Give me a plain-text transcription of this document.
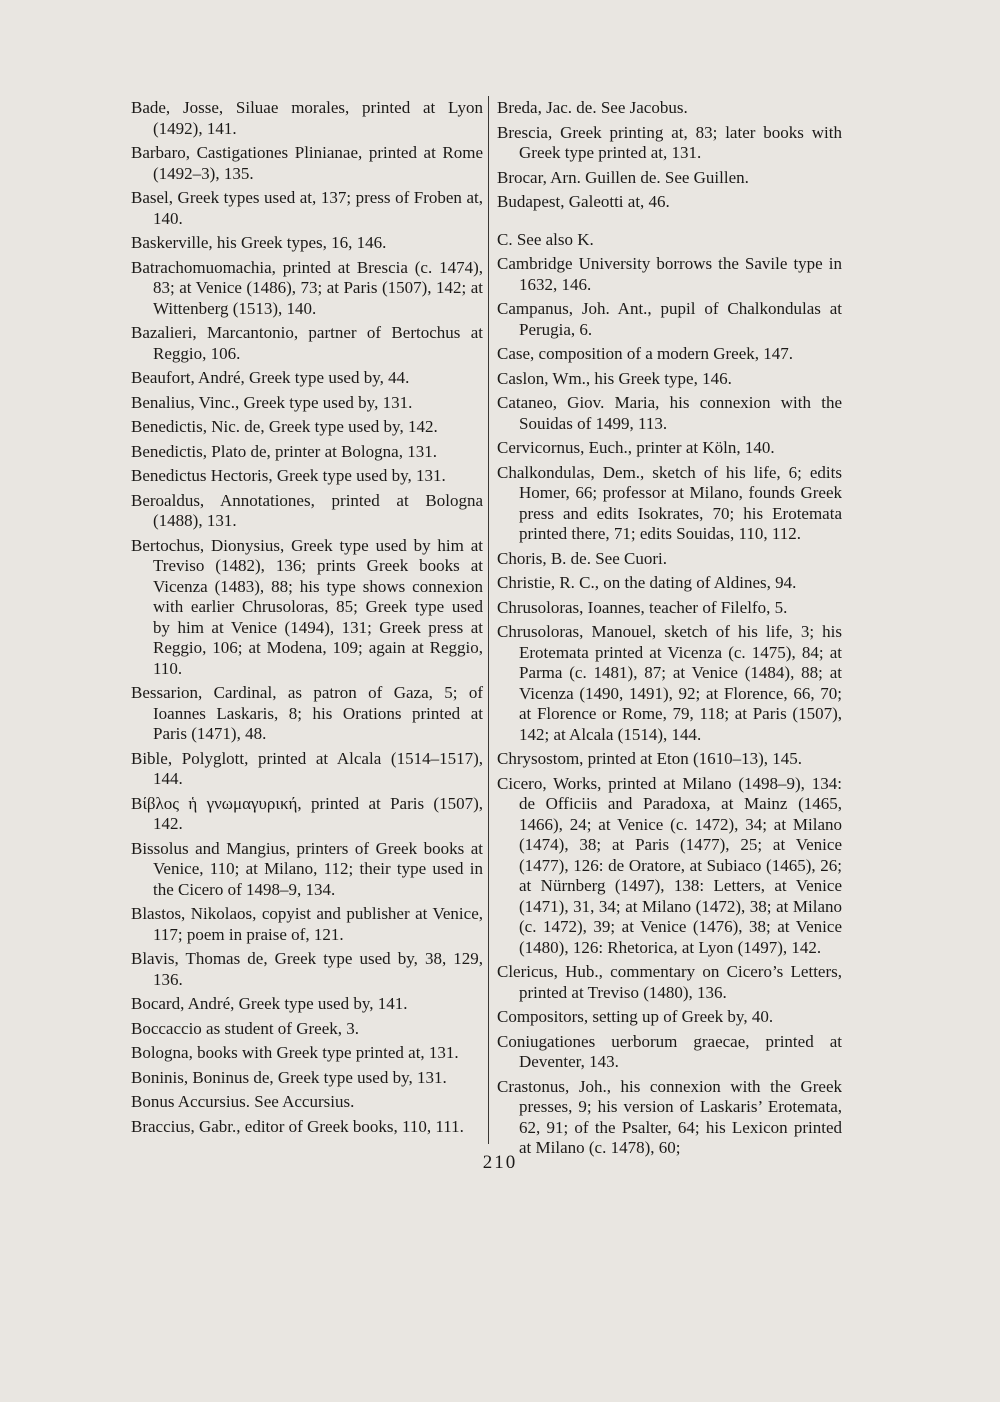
Bade, Josse, Siluae morales, printed at Lyon (1492), 141.

Barbaro, Castigationes Plinianae, printed at Rome (1492–3), 135.

Basel, Greek types used at, 137; press of Froben at, 140.

Baskerville, his Greek types, 16, 146.

Batrachomuomachia, printed at Brescia (c. 1474), 83; at Venice (1486), 73; at Paris (1507), 142; at Wittenberg (1513), 140.

Bazalieri, Marcantonio, partner of Bertochus at Reggio, 106.

Beaufort, André, Greek type used by, 44.

Benalius, Vinc., Greek type used by, 131.

Benedictis, Nic. de, Greek type used by, 142.

Benedictis, Plato de, printer at Bologna, 131.

Benedictus Hectoris, Greek type used by, 131.

Beroaldus, Annotationes, printed at Bologna (1488), 131.

Bertochus, Dionysius, Greek type used by him at Treviso (1482), 136; prints Greek books at Vicenza (1483), 88; his type shows connexion with earlier Chrusoloras, 85; Greek type used by him at Venice (1494), 131; Greek press at Reggio, 106; at Modena, 109; again at Reggio, 110.

Bessarion, Cardinal, as patron of Gaza, 5; of Ioannes Laskaris, 8; his Orations printed at Paris (1471), 48.

Bible, Polyglott, printed at Alcala (1514–1517), 144.

Βίβλος ἡ γνωμαγυρική, printed at Paris (1507), 142.

Bissolus and Mangius, printers of Greek books at Venice, 110; at Milano, 112; their type used in the Cicero of 1498–9, 134.

Blastos, Nikolaos, copyist and publisher at Venice, 117; poem in praise of, 121.

Blavis, Thomas de, Greek type used by, 38, 129, 136.

Bocard, André, Greek type used by, 141.

Boccaccio as student of Greek, 3.

Bologna, books with Greek type printed at, 131.

Boninis, Boninus de, Greek type used by, 131.

Bonus Accursius. See Accursius.

Braccius, Gabr., editor of Greek books, 110, 111.

Breda, Jac. de. See Jacobus.

Brescia, Greek printing at, 83; later books with Greek type printed at, 131.

Brocar, Arn. Guillen de. See Guillen.

Budapest, Galeotti at, 46.

C. See also K.

Cambridge University borrows the Savile type in 1632, 146.

Campanus, Joh. Ant., pupil of Chalkondulas at Perugia, 6.

Case, composition of a modern Greek, 147.

Caslon, Wm., his Greek type, 146.

Cataneo, Giov. Maria, his connexion with the Souidas of 1499, 113.

Cervicornus, Euch., printer at Köln, 140.

Chalkondulas, Dem., sketch of his life, 6; edits Homer, 66; professor at Milano, founds Greek press and edits Isokrates, 70; his Erotemata printed there, 71; edits Souidas, 110, 112.

Choris, B. de. See Cuori.

Christie, R. C., on the dating of Aldines, 94.

Chrusoloras, Ioannes, teacher of Filelfo, 5.

Chrusoloras, Manouel, sketch of his life, 3; his Erotemata printed at Vicenza (c. 1475), 84; at Parma (c. 1481), 87; at Venice (1484), 88; at Vicenza (1490, 1491), 92; at Florence, 66, 70; at Florence or Rome, 79, 118; at Paris (1507), 142; at Alcala (1514), 144.

Chrysostom, printed at Eton (1610–13), 145.

Cicero, Works, printed at Milano (1498–9), 134: de Officiis and Paradoxa, at Mainz (1465, 1466), 24; at Venice (c. 1472), 34; at Milano (1474), 38; at Paris (1477), 25; at Venice (1477), 126: de Oratore, at Subiaco (1465), 26; at Nürnberg (1497), 138: Letters, at Venice (1471), 31, 34; at Milano (1472), 38; at Milano (c. 1472), 39; at Venice (1476), 38; at Venice (1480), 126: Rhetorica, at Lyon (1497), 142.

Clericus, Hub., commentary on Cicero’s Letters, printed at Treviso (1480), 136.

Compositors, setting up of Greek by, 40.

Coniugationes uerborum graecae, printed at Deventer, 143.

Crastonus, Joh., his connexion with the Greek presses, 9; his version of Laskaris’ Erotemata, 62, 91; of the Psalter, 64; his Lexicon printed at Milano (c. 1478), 60;

210
